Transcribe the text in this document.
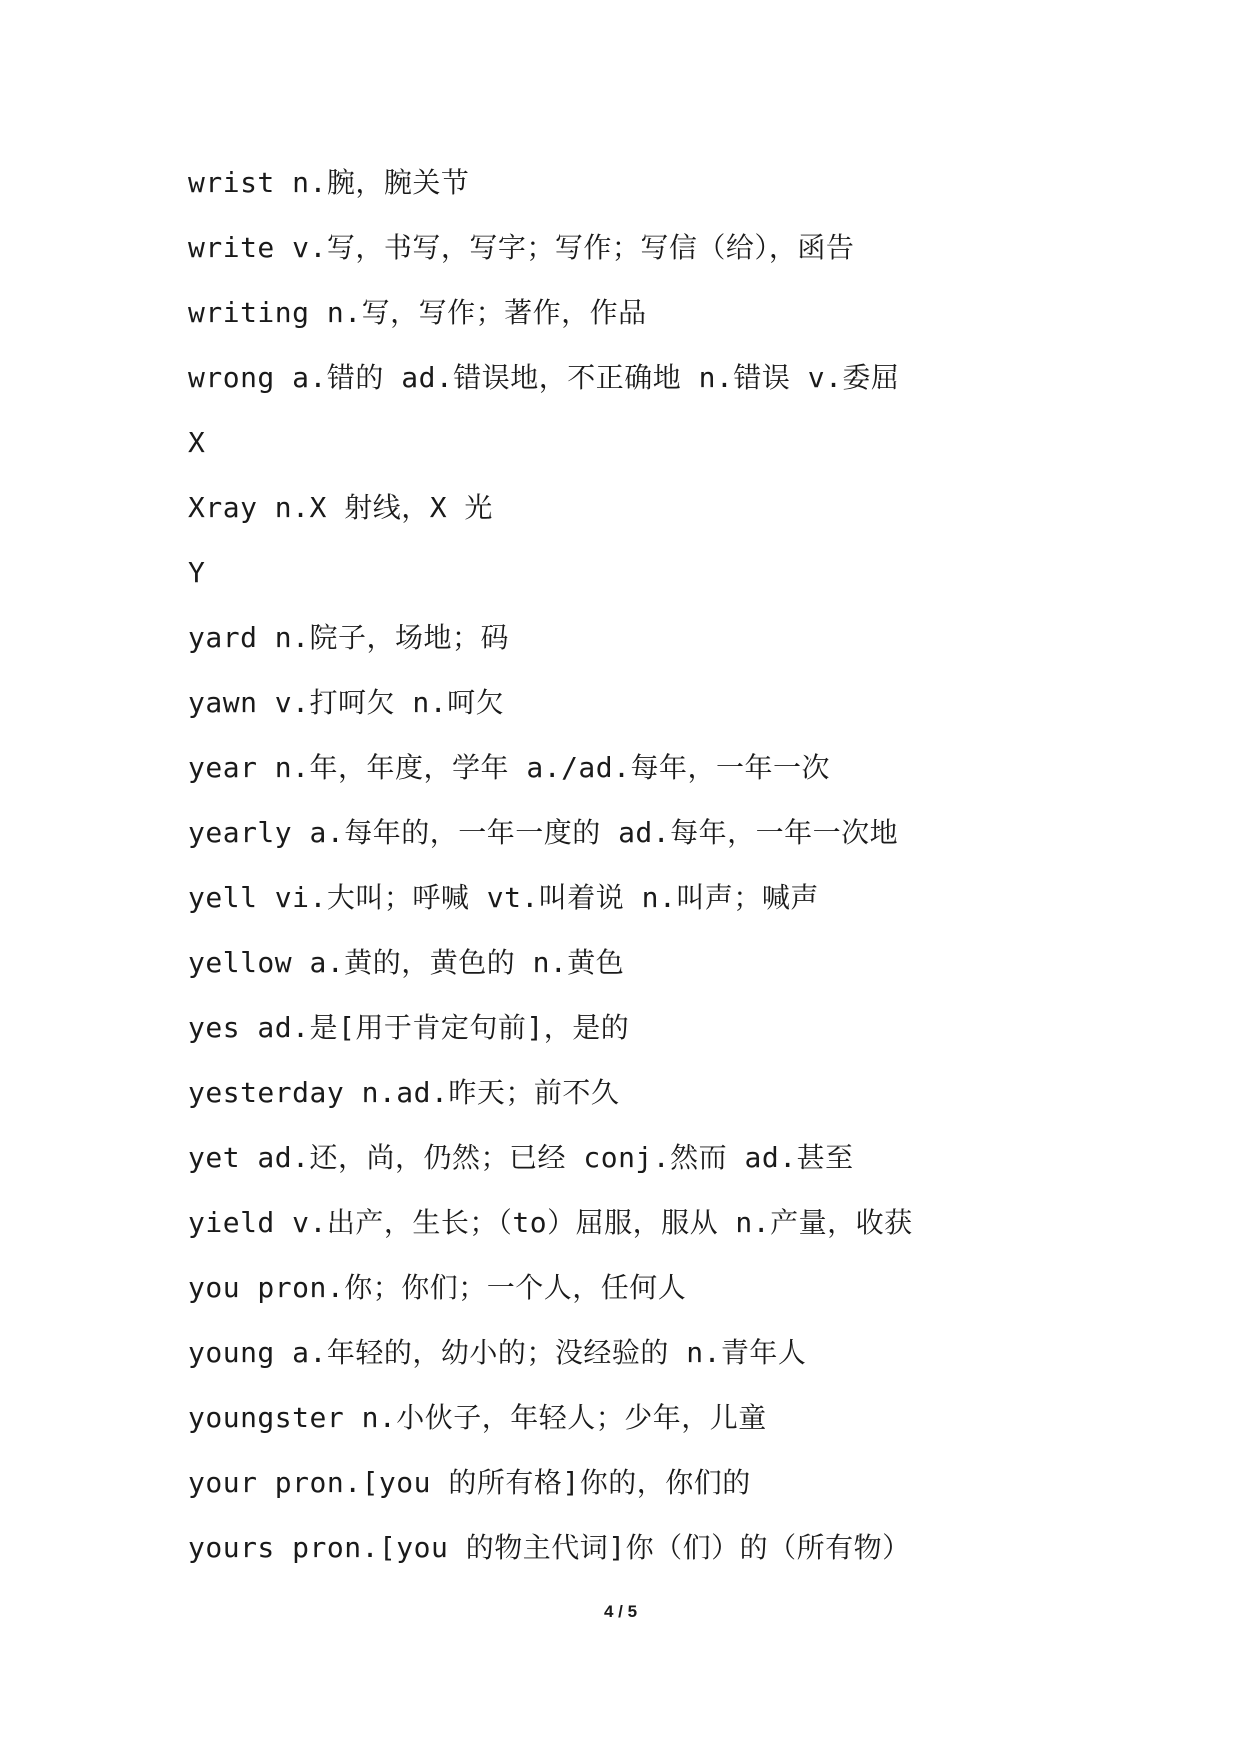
wrist n.腕，腕关节
write v.写，书写，写字；写作；写信（给），函告
writing n.写，写作；著作，作品
wrong a.错的 ad.错误地，不正确地 n.错误 v.委屈
X
Xray n.X 射线，X 光
Y
yard n.院子，场地；码
yawn v.打呵欠 n.呵欠
year n.年，年度，学年 a./ad.每年，一年一次
yearly a.每年的，一年一度的 ad.每年，一年一次地
yell vi.大叫；呼喊 vt.叫着说 n.叫声；喊声
yellow a.黄的，黄色的 n.黄色
yes ad.是[用于肯定句前]，是的
yesterday n.ad.昨天；前不久
yet ad.还，尚，仍然；已经 conj.然而 ad.甚至
yield v.出产，生长；（to）屈服，服从 n.产量，收获
you pron.你；你们；一个人，任何人
young a.年轻的，幼小的；没经验的 n.青年人
youngster n.小伙子，年轻人；少年，儿童
your pron.[you 的所有格]你的，你们的
yours pron.[you 的物主代词]你（们）的（所有物）
4 / 5
